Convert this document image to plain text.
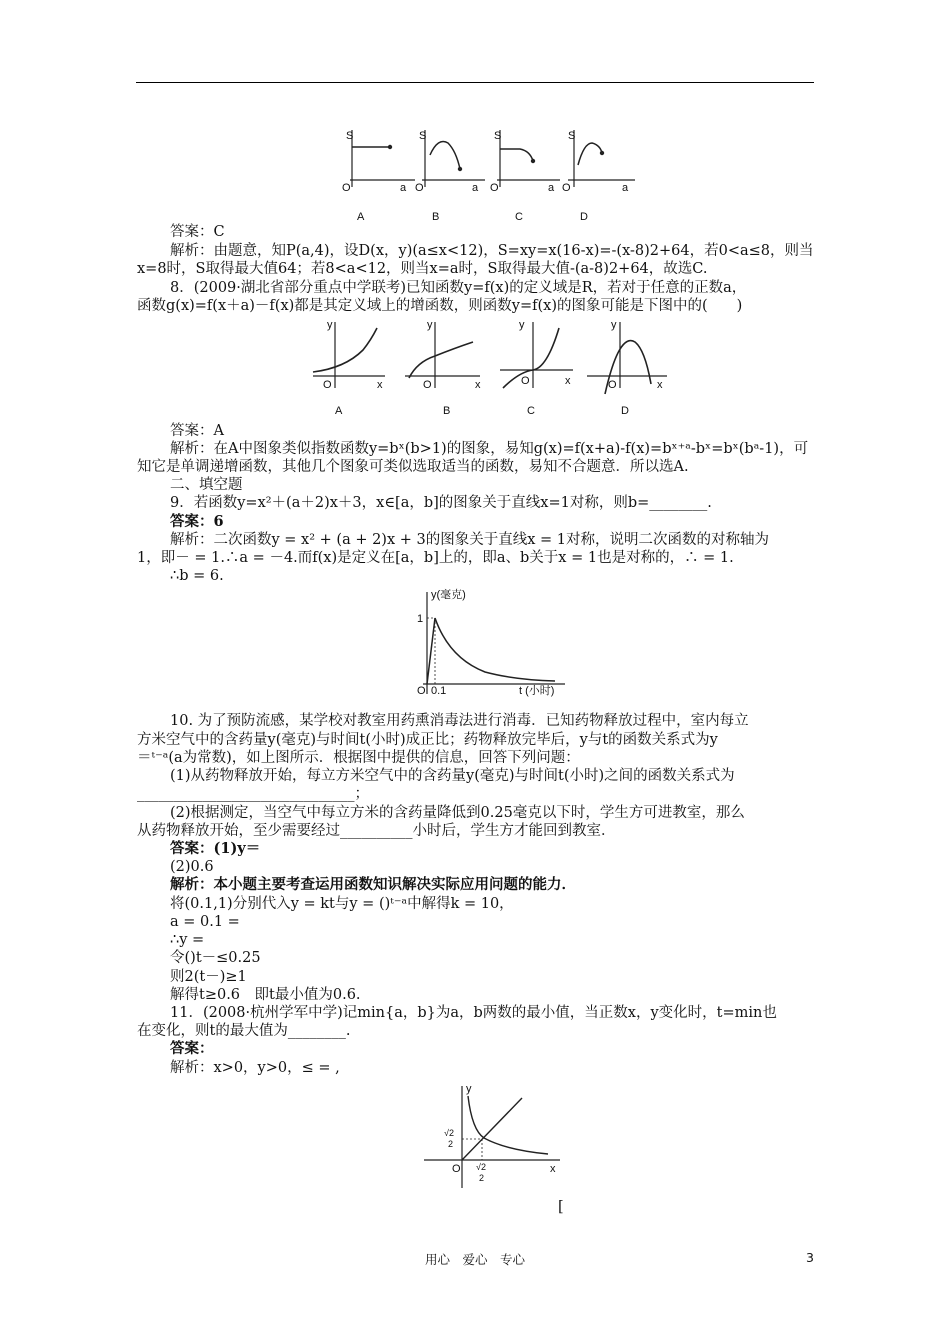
S
O	a
A
S
O	a
B
S
O	a
C
S
O	a
D
答案：C
解析：由题意，知P(a,4)，设D(x，y)(a≤x<12)，S=xy=x(16-x)=-(x-8)2+64，若0<a≤8，则当
x=8时，S取得最大值64；若8<a<12，则当x=a时，S取得最大值-(a-8)2+64，故选C.
8．(2009·湖北省部分重点中学联考)已知函数y=f(x)的定义域是R，若对于任意的正数a，
函数g(x)=f(x＋a)－f(x)都是其定义域上的增函数，则函数y=f(x)的图象可能是下图中的(　　)
y
O	x
A
y
O	x
B
y
O	x
C
y
O	x
D
答案：A
解析：在A中图象类似指数函数y=bˣ(b>1)的图象，易知g(x)=f(x+a)-f(x)=bˣ⁺ᵃ-bˣ=bˣ(bᵃ-1)，可
知它是单调递增函数，其他几个图象可类似选取适当的函数，易知不合题意．所以选A.
二、填空题
9．若函数y=x²＋(a＋2)x＋3，x∈[a，b]的图象关于直线x=1对称，则b=________.
答案：6
解析：二次函数y = x² + (a + 2)x + 3的图象关于直线x = 1对称，说明二次函数的对称轴为
1，即－ = 1.∴a = －4.而f(x)是定义在[a，b]上的，即a、b关于x = 1也是对称的，∴ = 1.
∴b = 6.
y(毫克)
1
O 0.1	t (小时)
10. 为了预防流感，某学校对教室用药熏消毒法进行消毒．已知药物释放过程中，室内每立
方米空气中的含药量y(毫克)与时间t(小时)成正比；药物释放完毕后，y与t的函数关系式为y
＝ᵗ⁻ᵃ(a为常数)，如上图所示．根据图中提供的信息，回答下列问题：
(1)从药物释放开始，每立方米空气中的含药量y(毫克)与时间t(小时)之间的函数关系式为
______________________________；
(2)根据测定，当空气中每立方米的含药量降低到0.25毫克以下时，学生方可进教室，那么
从药物释放开始，至少需要经过__________小时后，学生方才能回到教室．
答案：(1)y＝
(2)0.6
解析：本小题主要考查运用函数知识解决实际应用问题的能力．
将(0.1,1)分别代入y = kt与y = ()ᵗ⁻ᵃ中解得k = 10，
a = 0.1 =
∴y =
令()t－≤0.25
则2(t－)≥1
解得t≥0.6　即t最小值为0.6.
11．(2008·杭州学军中学)记min{a，b}为a，b两数的最小值，当正数x，y变化时，t=min也
在变化，则t的最大值为________.
答案：
解析：x>0，y>0，≤ = ,
y
O	x
√2
2
√2
2
[
用心　爱心　专心	3
